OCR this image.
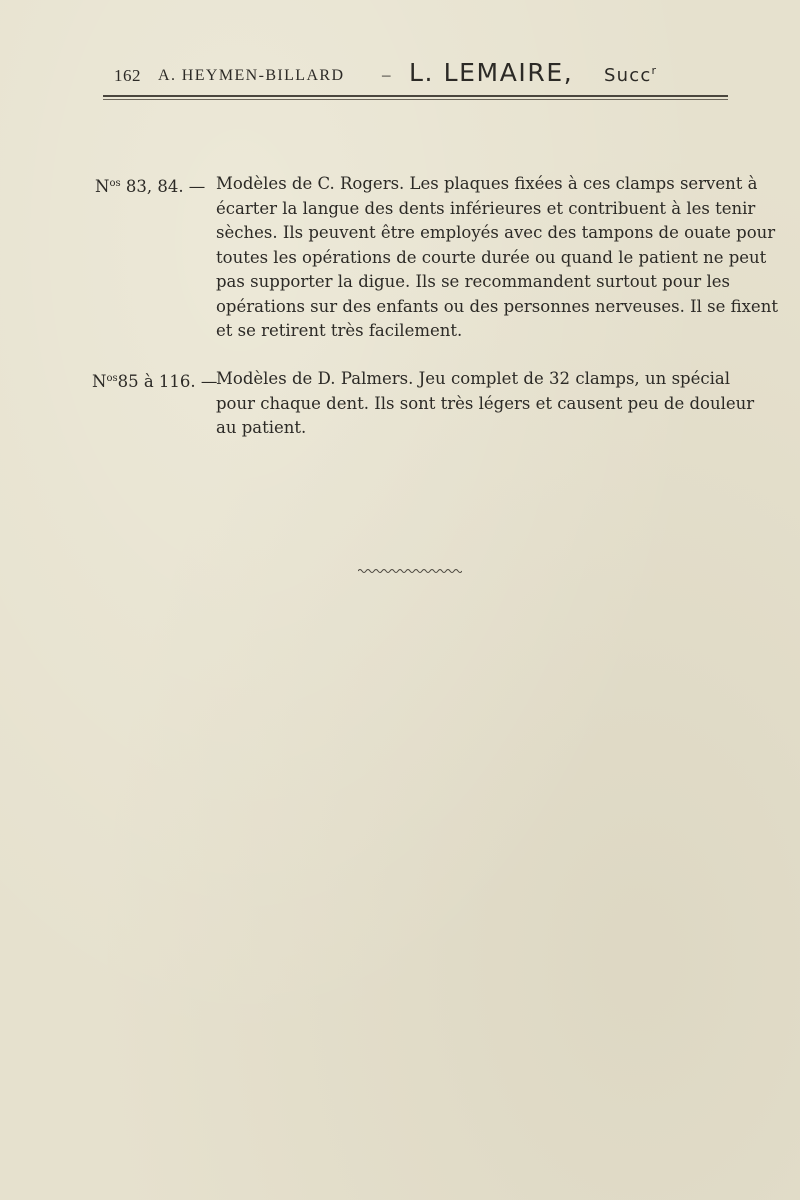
162 A. HEYMEN-BILLARD – L. LEMAIRE, Succ$^r$
$N^{os}$ 83, 84. — Modèles de C. Rogers. Les plaques fixées à ces clamps servent à
écarter la langue des dents inférieures et contribuent à les tenir
sèches. Ils peuvent être employés avec des tampons de ouate pour
toutes les opérations de courte durée ou quand le patient ne peut
pas supporter la digue. Ils se recommandent surtout pour les
opérations sur des enfants ou des personnes nerveuses. Il se fixent
et se retirent très facilement.
$N^{os}85$ à 116. —
Modèles de D. Palmers. Jeu complet de 32 clamps, un spécial
pour chaque dent. Ils sont très légers et causent peu de douleur
au patient.
